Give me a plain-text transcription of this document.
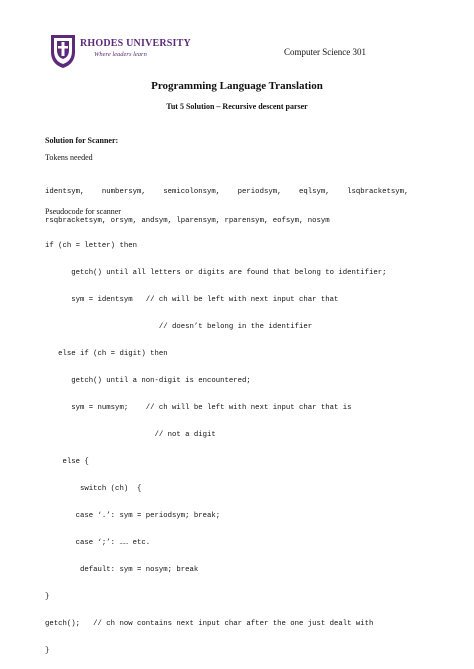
RHODES UNIVERSITY
Where leaders learn	Computer Science 301
Programming Language Translation
Tut 5 Solution – Recursive descent parser
Solution for Scanner:
Tokens needed

identsym,    numbersym,    semicolonsym,    periodsym,    eqlsym,    lsqbracketsym,

rsqbracketsym, orsym, andsym, lparensym, rparensym, eofsym, nosym

Pseudocode for scanner

if (ch = letter) then

getch() until all letters or digits are found that belong to identifier;

sym = identsym   // ch will be left with next input char that

// doesn’t belong in the identifier

else if (ch = digit) then

getch() until a non-digit is encountered;

sym = numsym;    // ch will be left with next input char that is

// not a digit

else {

switch (ch)  {

case ‘.’: sym = periodsym; break;

case ‘;’: …… etc.

default: sym = nosym; break

}

getch();   // ch now contains next input char after the one just dealt with

}
